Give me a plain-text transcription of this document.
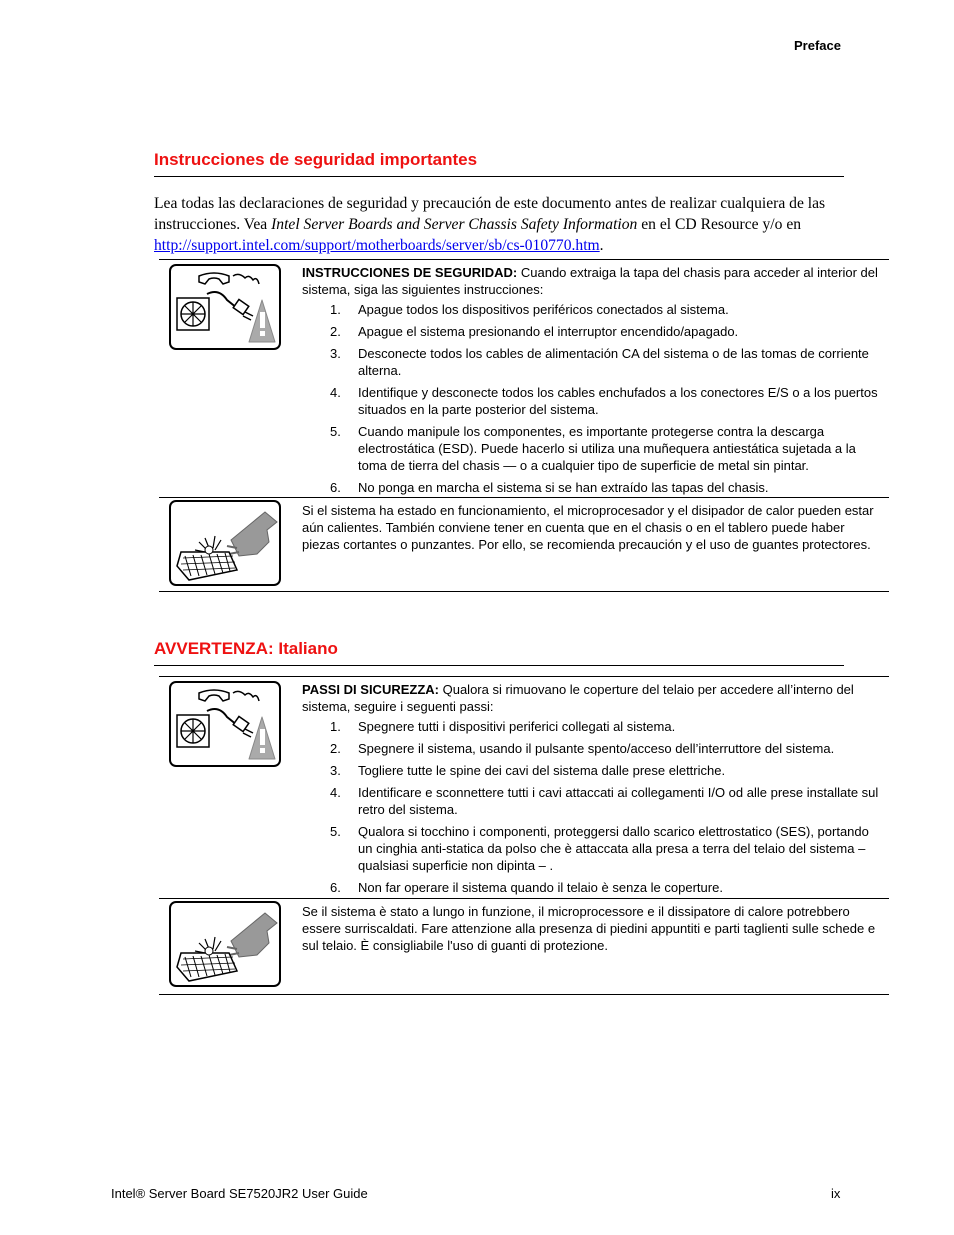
Preface
Instrucciones de seguridad importantes
Lea todas las declaraciones de seguridad y precaución de este documento antes de realizar cualquiera de las instrucciones. Vea Intel Server Boards and Server Chassis Safety Information en el CD Resource y/o en http://support.intel.com/support/motherboards/server/sb/cs-010770.htm.
INSTRUCCIONES DE SEGURIDAD: Cuando extraiga la tapa del chasis para acceder al interior del sistema, siga las siguientes instrucciones:
1. Apague todos los dispositivos periféricos conectados al sistema.
2. Apague el sistema presionando el interruptor encendido/apagado.
3. Desconecte todos los cables de alimentación CA del sistema o de las tomas de corriente alterna.
4. Identifique y desconecte todos los cables enchufados a los conectores E/S o a los puertos situados en la parte posterior del sistema.
5. Cuando manipule los componentes, es importante protegerse contra la descarga electrostática (ESD). Puede hacerlo si utiliza una muñequera antiestática sujetada a la toma de tierra del chasis — o a cualquier tipo de superficie de metal sin pintar.
6. No ponga en marcha el sistema si se han extraído las tapas del chasis.
Si el sistema ha estado en funcionamiento, el microprocesador y el disipador de calor pueden estar aún calientes. También conviene tener en cuenta que en el chasis o en el tablero puede haber piezas cortantes o punzantes. Por ello, se recomienda precaución y el uso de guantes protectores.
AVVERTENZA: Italiano
PASSI DI SICUREZZA: Qualora si rimuovano le coperture del telaio per accedere all’interno del sistema, seguire i seguenti passi:
1. Spegnere tutti i dispositivi periferici collegati al sistema.
2. Spegnere il sistema, usando il pulsante spento/acceso dell’interruttore del sistema.
3. Togliere tutte le spine dei cavi del sistema dalle prese elettriche.
4. Identificare e sconnettere tutti i cavi attaccati ai collegamenti I/O od alle prese installate sul retro del sistema.
5. Qualora si tocchino i componenti, proteggersi dallo scarico elettrostatico (SES), portando un cinghia anti-statica da polso che è attaccata alla presa a terra del telaio del sistema – qualsiasi superficie non dipinta – .
6. Non far operare il sistema quando il telaio è senza le coperture.
Se il sistema è stato a lungo in funzione, il microprocessore e il dissipatore di calore potrebbero essere surriscaldati. Fare attenzione alla presenza di piedini appuntiti e parti taglienti sulle schede e sul telaio. È consigliabile l'uso di guanti di protezione.
Intel® Server Board SE7520JR2 User Guide	ix
